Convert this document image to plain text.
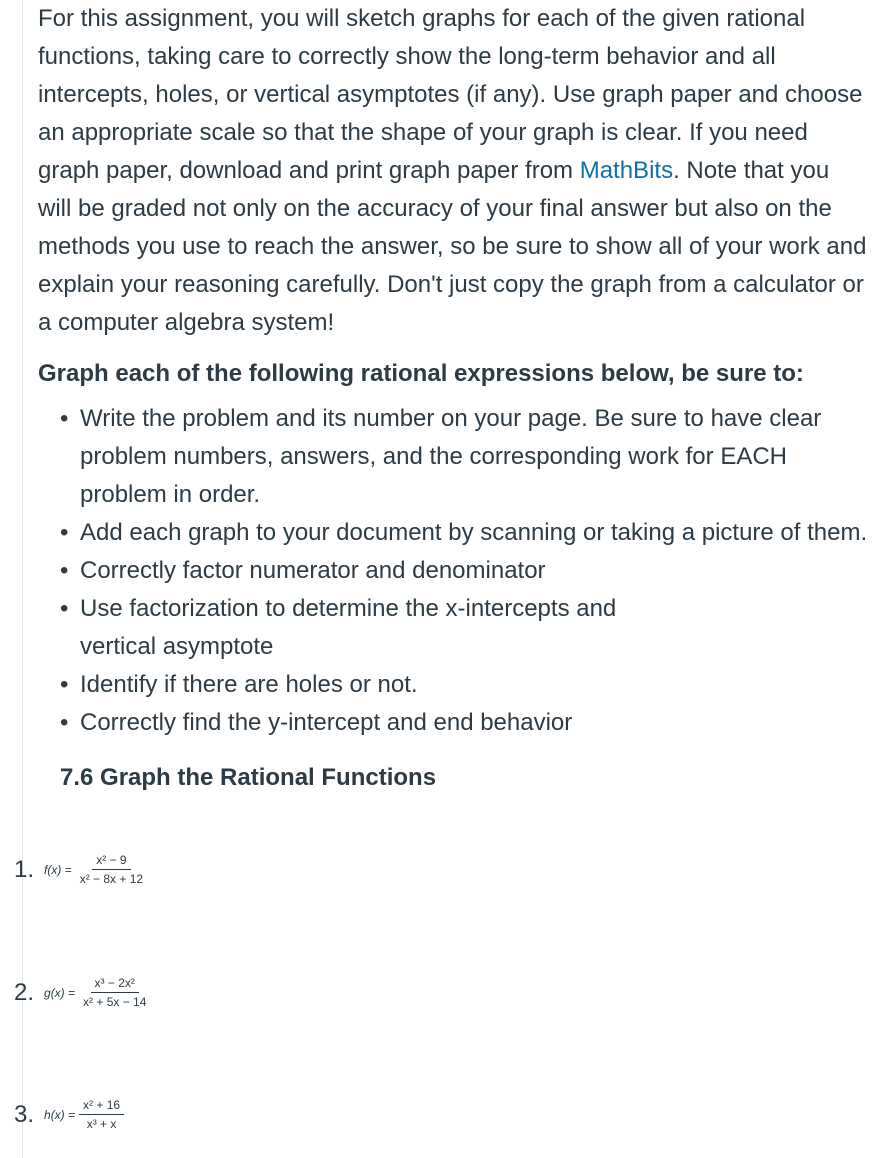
For this assignment, you will sketch graphs for each of the given rational functions, taking care to correctly show the long-term behavior and all intercepts, holes, or vertical asymptotes (if any). Use graph paper and choose an appropriate scale so that the shape of your graph is clear. If you need graph paper, download and print graph paper from MathBits. Note that you will be graded not only on the accuracy of your final answer but also on the methods you use to reach the answer, so be sure to show all of your work and explain your reasoning carefully. Don't just copy the graph from a calculator or a computer algebra system!

Graph each of the following rational expressions below, be sure to:

• Write the problem and its number on your page. Be sure to have clear problem numbers, answers, and the corresponding work for EACH problem in order.
• Add each graph to your document by scanning or taking a picture of them.
• Correctly factor numerator and denominator
• Use factorization to determine the x-intercepts and vertical asymptote
• Identify if there are holes or not.
• Correctly find the y-intercept and end behavior

7.6 Graph the Rational Functions

1. $f(x) = \frac{\text{x² − 9}}{\text{x² − 8x + 12}}$
2. $g(x) = \frac{\text{x³ − 2x²}}{\text{x² + 5x − 14}}$
3. $h(x) = \frac{\text{x² + 16}}{\text{x³ + x}}$
